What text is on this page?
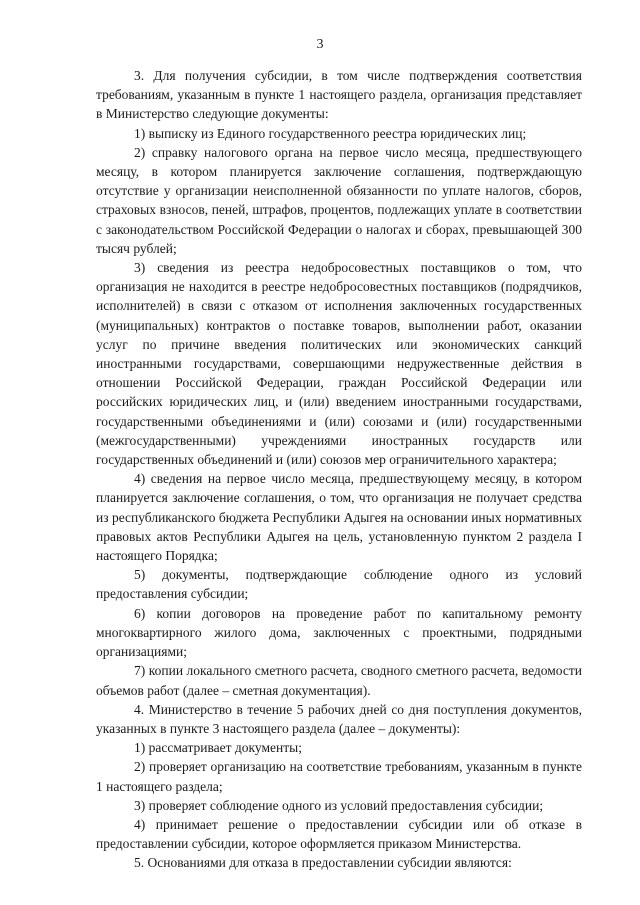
3

3. Для получения субсидии, в том числе подтверждения соответствия требованиям, указанным в пункте 1 настоящего раздела, организация представляет в Министерство следующие документы:

1) выписку из Единого государственного реестра юридических лиц;

2) справку налогового органа на первое число месяца, предшествующего месяцу, в котором планируется заключение соглашения, подтверждающую отсутствие у организации неисполненной обязанности по уплате налогов, сборов, страховых взносов, пеней, штрафов, процентов, подлежащих уплате в соответствии с законодательством Российской Федерации о налогах и сборах, превышающей 300 тысяч рублей;

3) сведения из реестра недобросовестных поставщиков о том, что организация не находится в реестре недобросовестных поставщиков (подрядчиков, исполнителей) в связи с отказом от исполнения заключенных государственных (муниципальных) контрактов о поставке товаров, выполнении работ, оказании услуг по причине введения политических или экономических санкций иностранными государствами, совершающими недружественные действия в отношении Российской Федерации, граждан Российской Федерации или российских юридических лиц, и (или) введением иностранными государствами, государственными объединениями и (или) союзами и (или) государственными (межгосударственными) учреждениями иностранных государств или государственных объединений и (или) союзов мер ограничительного характера;

4) сведения на первое число месяца, предшествующему месяцу, в котором планируется заключение соглашения, о том, что организация не получает средства из республиканского бюджета Республики Адыгея на основании иных нормативных правовых актов Республики Адыгея на цель, установленную пунктом 2 раздела I настоящего Порядка;

5) документы, подтверждающие соблюдение одного из условий предоставления субсидии;

6) копии договоров на проведение работ по капитальному ремонту многоквартирного жилого дома, заключенных с проектными, подрядными организациями;

7) копии локального сметного расчета, сводного сметного расчета, ведомости объемов работ (далее – сметная документация).

4. Министерство в течение 5 рабочих дней со дня поступления документов, указанных в пункте 3 настоящего раздела (далее – документы):

1) рассматривает документы;

2) проверяет организацию на соответствие требованиям, указанным в пункте 1 настоящего раздела;

3) проверяет соблюдение одного из условий предоставления субсидии;

4) принимает решение о предоставлении субсидии или об отказе в предоставлении субсидии, которое оформляется приказом Министерства.

5. Основаниями для отказа в предоставлении субсидии являются:
